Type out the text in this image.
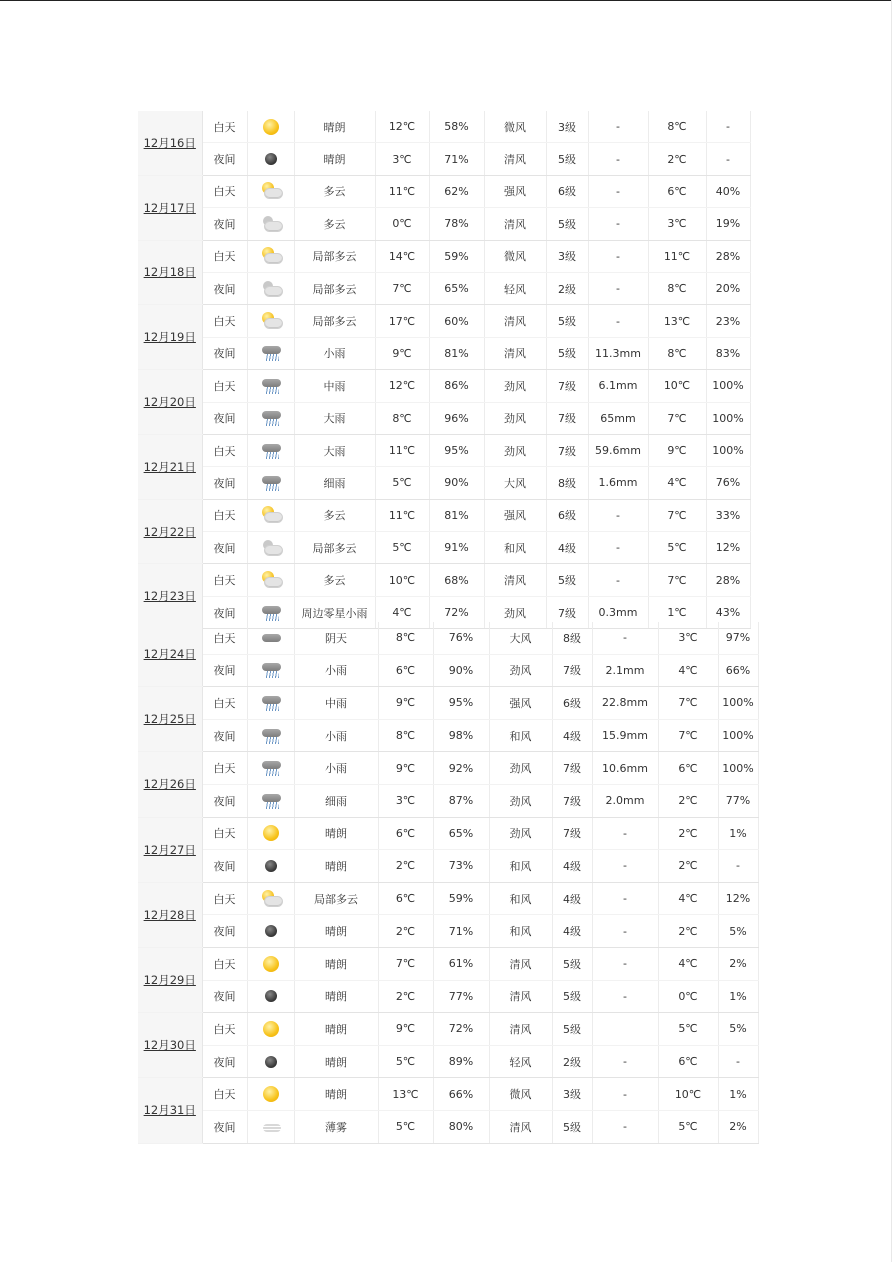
12月16日	白天		晴朗	12℃	58%	微风	3级	-	8℃	-
	夜间		晴朗	3℃	71%	清风	5级	-	2℃	-
12月17日	白天		多云	11℃	62%	强风	6级	-	6℃	40%
	夜间		多云	0℃	78%	清风	5级	-	3℃	19%
12月18日	白天		局部多云	14℃	59%	微风	3级	-	11℃	28%
	夜间		局部多云	7℃	65%	轻风	2级	-	8℃	20%
12月19日	白天		局部多云	17℃	60%	清风	5级	-	13℃	23%
	夜间		小雨	9℃	81%	清风	5级	11.3mm	8℃	83%
12月20日	白天		中雨	12℃	86%	劲风	7级	6.1mm	10℃	100%
	夜间		大雨	8℃	96%	劲风	7级	65mm	7℃	100%
12月21日	白天		大雨	11℃	95%	劲风	7级	59.6mm	9℃	100%
	夜间		细雨	5℃	90%	大风	8级	1.6mm	4℃	76%
12月22日	白天		多云	11℃	81%	强风	6级	-	7℃	33%
	夜间		局部多云	5℃	91%	和风	4级	-	5℃	12%
12月23日	白天		多云	10℃	68%	清风	5级	-	7℃	28%
	夜间		周边零星小雨	4℃	72%	劲风	7级	0.3mm	1℃	43%
12月24日	白天		阴天	8℃	76%	大风	8级	-	3℃	97%
	夜间		小雨	6℃	90%	劲风	7级	2.1mm	4℃	66%
12月25日	白天		中雨	9℃	95%	强风	6级	22.8mm	7℃	100%
	夜间		小雨	8℃	98%	和风	4级	15.9mm	7℃	100%
12月26日	白天		小雨	9℃	92%	劲风	7级	10.6mm	6℃	100%
	夜间		细雨	3℃	87%	劲风	7级	2.0mm	2℃	77%
12月27日	白天		晴朗	6℃	65%	劲风	7级	-	2℃	1%
	夜间		晴朗	2℃	73%	和风	4级	-	2℃	-
12月28日	白天		局部多云	6℃	59%	和风	4级	-	4℃	12%
	夜间		晴朗	2℃	71%	和风	4级	-	2℃	5%
12月29日	白天		晴朗	7℃	61%	清风	5级	-	4℃	2%
	夜间		晴朗	2℃	77%	清风	5级	-	0℃	1%
12月30日	白天		晴朗	9℃	72%	清风	5级		5℃	5%
	夜间		晴朗	5℃	89%	轻风	2级	-	6℃	-
12月31日	白天		晴朗	13℃	66%	微风	3级	-	10℃	1%
	夜间		薄雾	5℃	80%	清风	5级	-	5℃	2%
